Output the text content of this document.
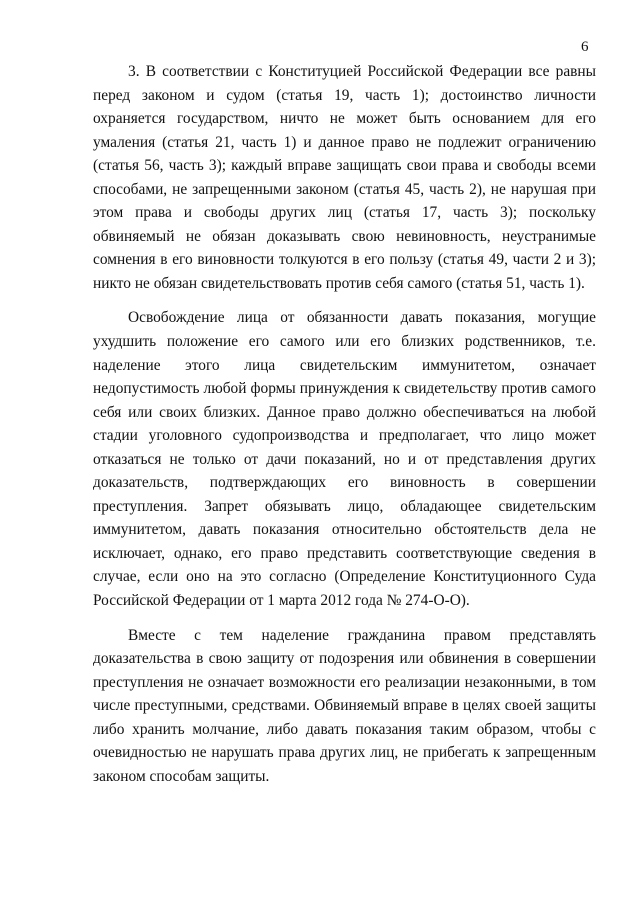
6

3. В соответствии с Конституцией Российской Федерации все равны перед законом и судом (статья 19, часть 1); достоинство личности охраняется государством, ничто не может быть основанием для его умаления (статья 21, часть 1) и данное право не подлежит ограничению (статья 56, часть 3); каждый вправе защищать свои права и свободы всеми способами, не запрещенными законом (статья 45, часть 2), не нарушая при этом права и свободы других лиц (статья 17, часть 3); поскольку обвиняемый не обязан доказывать свою невиновность, неустранимые сомнения в его виновности толкуются в его пользу (статья 49, части 2 и 3); никто не обязан свидетельствовать против себя самого (статья 51, часть 1).

Освобождение лица от обязанности давать показания, могущие ухудшить положение его самого или его близких родственников, т.е. наделение этого лица свидетельским иммунитетом, означает недопустимость любой формы принуждения к свидетельству против самого себя или своих близких. Данное право должно обеспечиваться на любой стадии уголовного судопроизводства и предполагает, что лицо может отказаться не только от дачи показаний, но и от представления других доказательств, подтверждающих его виновность в совершении преступления. Запрет обязывать лицо, обладающее свидетельским иммунитетом, давать показания относительно обстоятельств дела не исключает, однако, его право представить соответствующие сведения в случае, если оно на это согласно (Определение Конституционного Суда Российской Федерации от 1 марта 2012 года № 274-О-О).

Вместе с тем наделение гражданина правом представлять доказательства в свою защиту от подозрения или обвинения в совершении преступления не означает возможности его реализации незаконными, в том числе преступными, средствами. Обвиняемый вправе в целях своей защиты либо хранить молчание, либо давать показания таким образом, чтобы с очевидностью не нарушать права других лиц, не прибегать к запрещенным законом способам защиты.
